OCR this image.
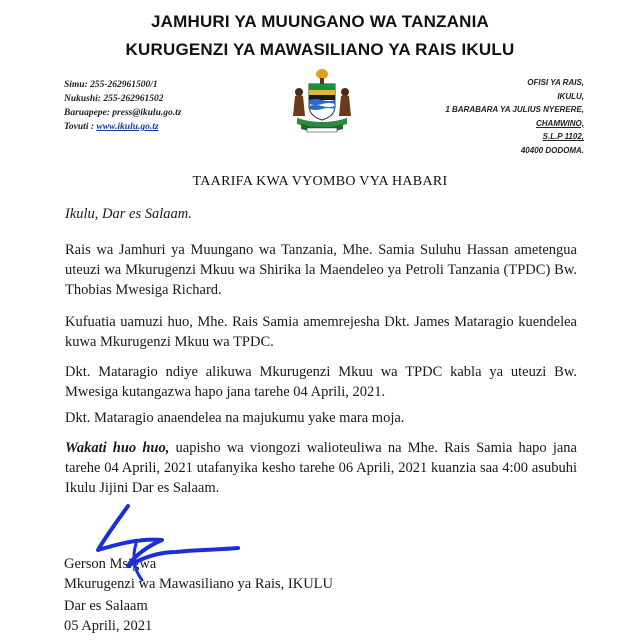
JAMHURI YA MUUNGANO WA TANZANIA
KURUGENZI YA MAWASILIANO YA RAIS IKULU
Simu: 255-262961500/1
Nukushi: 255-262961502
Baruapepe: press@ikulu.go.tz
Tovuti : www.ikulu.go.tz
OFISI YA RAIS,
IKULU,
1 BARABARA YA JULIUS NYERERE,
CHAMWINO,
S.L.P 1102,
40400 DODOMA.
TAARIFA KWA VYOMBO VYA HABARI
Ikulu, Dar es Salaam.
Rais wa Jamhuri ya Muungano wa Tanzania, Mhe. Samia Suluhu Hassan ametengua uteuzi wa Mkurugenzi Mkuu wa Shirika la Maendeleo ya Petroli Tanzania (TPDC) Bw. Thobias Mwesiga Richard.
Kufuatia uamuzi huo, Mhe. Rais Samia amemrejesha Dkt. James Mataragio kuendelea kuwa Mkurugenzi Mkuu wa TPDC.
Dkt. Mataragio ndiye alikuwa Mkurugenzi Mkuu wa TPDC kabla ya uteuzi Bw. Mwesiga kutangazwa hapo jana tarehe 04 Aprili, 2021.
Dkt. Mataragio anaendelea na majukumu yake mara moja.
Wakati huo huo, uapisho wa viongozi walioteuliwa na Mhe. Rais Samia hapo jana tarehe 04 Aprili, 2021 utafanyika kesho tarehe 06 Aprili, 2021 kuanzia saa 4:00 asubuhi Ikulu Jijini Dar es Salaam.
Gerson Msigwa
Mkurugenzi wa Mawasiliano ya Rais, IKULU
Dar es Salaam
05 Aprili, 2021
